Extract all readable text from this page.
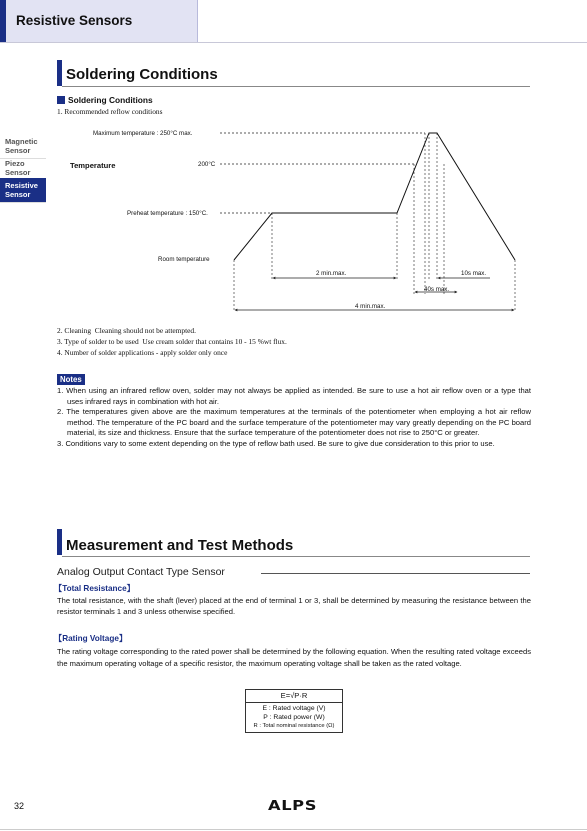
Resistive Sensors
Magnetic
Sensor
Piezo
Sensor
Resistive
Sensor
Soldering Conditions
Soldering Conditions
1. Recommended reflow conditions
Maximum temperature : 250°C max.
Temperature	200°C
Preheat temperature : 150°C.
Room temperature
2 min.max.	10s max.
40s max.
4 min.max.
2. Cleaning Cleaning should not be attempted.
3. Type of solder to be used Use cream solder that contains 10 - 15 %wt flux.
4. Number of solder applications - apply solder only once
Notes
1. When using an infrared reflow oven, solder may not always be applied as intended. Be sure to use a hot air reflow oven or a type that uses infrared rays in combination with hot air.
2. The temperatures given above are the maximum temperatures at the terminals of the potentiometer when employing a hot air reflow method. The temperature of the PC board and the surface temperature of the potentiometer may vary greatly depending on the PC board material, its size and thickness. Ensure that the surface temperature of the potentiometer does not rise to 250°C or greater.
3. Conditions vary to some extent depending on the type of reflow bath used. Be sure to give due consideration to this prior to use.
Measurement and Test Methods
Analog Output Contact Type Sensor
【Total Resistance】
The total resistance, with the shaft (lever) placed at the end of terminal 1 or 3, shall be determined by measuring the resistance between the resistor terminals 1 and 3 unless otherwise specified.
【Rating Voltage】
The rating voltage corresponding to the rated power shall be determined by the following equation. When the resulting rated voltage exceeds the maximum operating voltage of a specific resistor, the maximum operating voltage shall be taken as the rated voltage.
E=√P·R
E : Rated voltage (V)
P : Rated power (W)
R : Total nominal resistance (Ω)
32	ALPS
